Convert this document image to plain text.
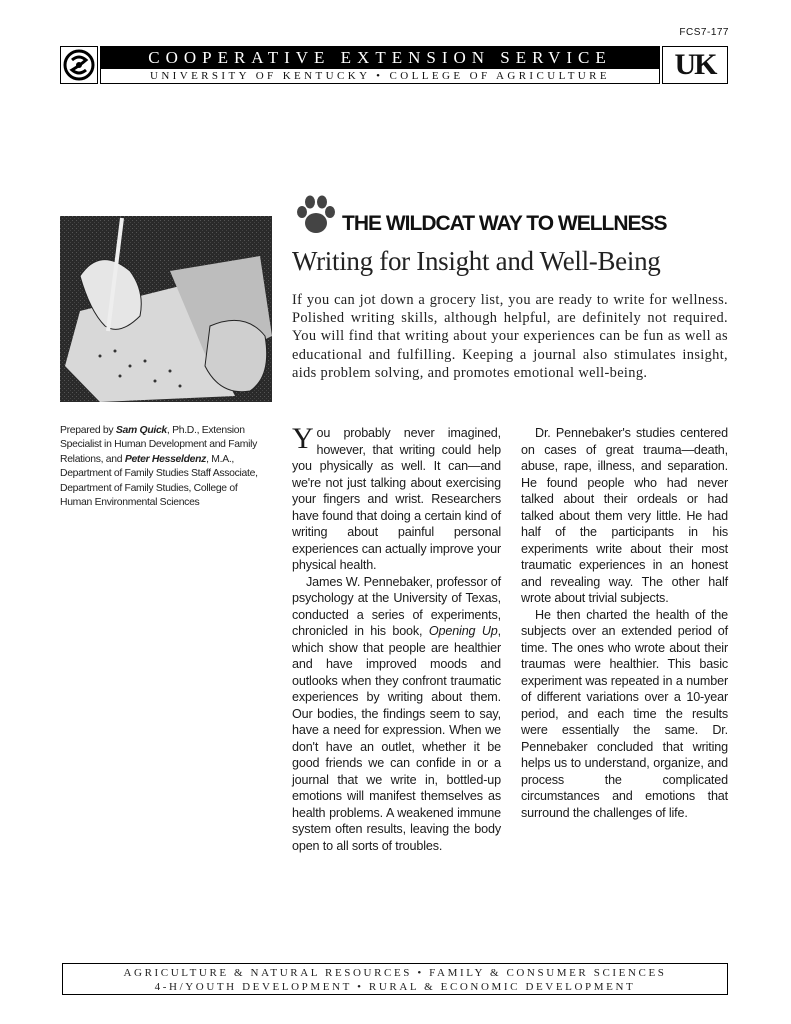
FCS7-177
COOPERATIVE EXTENSION SERVICE
UNIVERSITY OF KENTUCKY • COLLEGE OF AGRICULTURE	UK
THE WILDCAT WAY TO WELLNESS
Writing for Insight and Well-Being
If you can jot down a grocery list, you are ready to write for wellness. Polished writing skills, although helpful, are definitely not required. You will find that writing about your experiences can be fun as well as educational and fulfilling. Keeping a journal also stimulates insight, aids problem solving, and promotes emotional well-being.
Prepared by Sam Quick, Ph.D., Extension Specialist in Human Development and Family Relations, and Peter Hesseldenz, M.A., Department of Family Studies Staff Associate, Department of Family Studies, College of Human Environmental Sciences

You probably never imagined, however, that writing could help you physically as well. It can—and we're not just talking about exercising your fingers and wrist. Researchers have found that doing a certain kind of writing about painful personal experiences can actually improve your physical health.

James W. Pennebaker, professor of psychology at the University of Texas, conducted a series of experiments, chronicled in his book, Opening Up, which show that people are healthier and have improved moods and outlooks when they confront traumatic experiences by writing about them. Our bodies, the findings seem to say, have a need for expression. When we don't have an outlet, whether it be good friends we can confide in or a journal that we write in, bottled-up emotions will manifest themselves as health problems. A weakened immune system often results, leaving the body open to all sorts of troubles.

Dr. Pennebaker's studies centered on cases of great trauma—death, abuse, rape, illness, and separation. He found people who had never talked about their ordeals or had talked about them very little. He had half of the participants in his experiments write about their most traumatic experiences in an honest and revealing way. The other half wrote about trivial subjects.

He then charted the health of the subjects over an extended period of time. The ones who wrote about their traumas were healthier. This basic experiment was repeated in a number of different variations over a 10-year period, and each time the results were essentially the same. Dr. Pennebaker concluded that writing helps us to understand, organize, and process the complicated circumstances and emotions that surround the challenges of life.

AGRICULTURE & NATURAL RESOURCES • FAMILY & CONSUMER SCIENCES
4-H/YOUTH DEVELOPMENT • RURAL & ECONOMIC DEVELOPMENT
